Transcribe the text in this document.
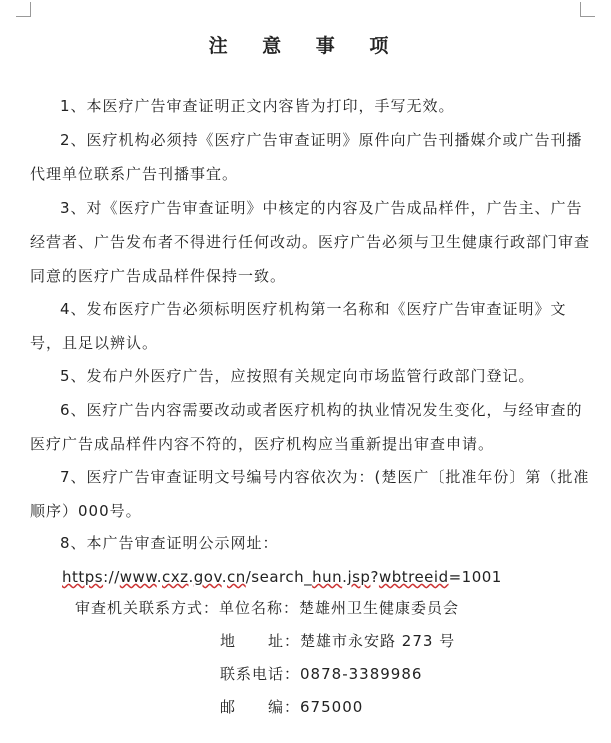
注 意 事 项

1、本医疗广告审查证明正文内容皆为打印，手写无效。

2、医疗机构必须持《医疗广告审查证明》原件向广告刊播媒介或广告刊播代理单位联系广告刊播事宜。

3、对《医疗广告审查证明》中核定的内容及广告成品样件，广告主、广告经营者、广告发布者不得进行任何改动。医疗广告必须与卫生健康行政部门审查同意的医疗广告成品样件保持一致。

4、发布医疗广告必须标明医疗机构第一名称和《医疗广告审查证明》文号，且足以辨认。

5、发布户外医疗广告，应按照有关规定向市场监管行政部门登记。

6、医疗广告内容需要改动或者医疗机构的执业情况发生变化，与经审查的医疗广告成品样件内容不符的，医疗机构应当重新提出审查申请。

7、医疗广告审查证明文号编号内容依次为：(楚医广〔批准年份〕第（批准顺序）000号。

8、本广告审查证明公示网址：

https://www.cxz.gov.cn/search_hun.jsp?wbtreeid=1001
审查机关联系方式：单位名称：楚雄州卫生健康委员会
地　　址：楚雄市永安路 273 号
联系电话：0878-3389986
邮　　编：675000
